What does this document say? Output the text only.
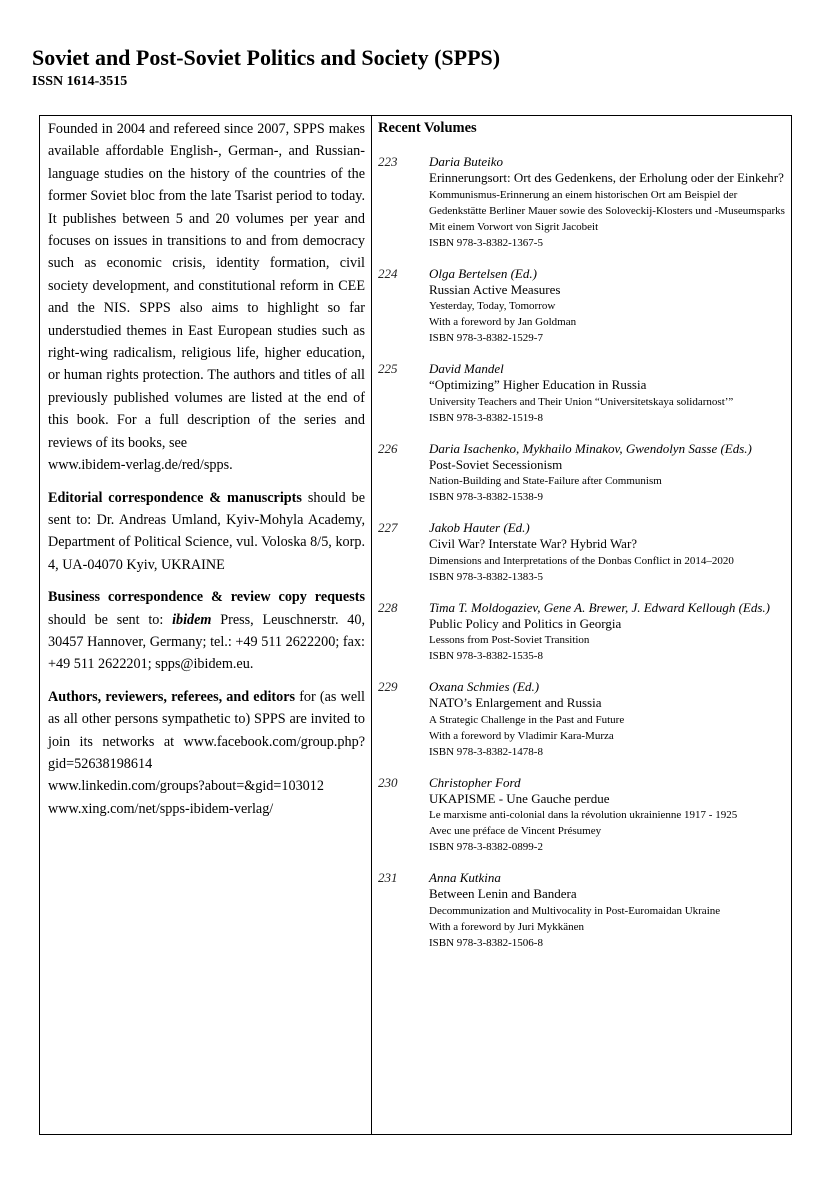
Soviet and Post-Soviet Politics and Society (SPPS)
ISSN 1614-3515

Founded in 2004 and refereed since 2007, SPPS makes available affordable English-, German-, and Russian-language studies on the history of the countries of the former Soviet bloc from the late Tsarist period to today. It publishes between 5 and 20 volumes per year and focuses on issues in transitions to and from democracy such as economic crisis, identity formation, civil society development, and constitutional reform in CEE and the NIS. SPPS also aims to highlight so far understudied themes in East European studies such as right-wing radicalism, religious life, higher education, or human rights protection. The authors and titles of all previously published volumes are listed at the end of this book. For a full description of the series and reviews of its books, see
www.ibidem-verlag.de/red/spps.

Editorial correspondence & manuscripts should be sent to: Dr. Andreas Umland, Kyiv-Mohyla Academy, Department of Political Science, vul. Voloska 8/5, korp. 4, UA-04070 Kyiv, UKRAINE

Business correspondence & review copy requests should be sent to: ibidem Press, Leuschnerstr. 40, 30457 Hannover, Germany; tel.: +49 511 2622200; fax: +49 511 2622201; spps@ibidem.eu.

Authors, reviewers, referees, and editors for (as well as all other persons sympathetic to) SPPS are invited to join its networks at www.facebook.com/group.php?gid=52638198614
www.linkedin.com/groups?about=&gid=103012
www.xing.com/net/spps-ibidem-verlag/

Recent Volumes
223	Daria Buteiko
Erinnerungsort: Ort des Gedenkens, der Erholung oder der Einkehr?
Kommunismus-Erinnerung an einem historischen Ort am Beispiel der Gedenkstätte Berliner Mauer sowie des Soloveckij-Klosters und -Museumsparks
Mit einem Vorwort von Sigrit Jacobeit
ISBN 978-3-8382-1367-5
224	Olga Bertelsen (Ed.)
Russian Active Measures
Yesterday, Today, Tomorrow
With a foreword by Jan Goldman
ISBN 978-3-8382-1529-7
225	David Mandel
“Optimizing” Higher Education in Russia
University Teachers and Their Union “Universitetskaya solidarnost’”
ISBN 978-3-8382-1519-8
226	Daria Isachenko, Mykhailo Minakov, Gwendolyn Sasse (Eds.)
Post-Soviet Secessionism
Nation-Building and State-Failure after Communism
ISBN 978-3-8382-1538-9
227	Jakob Hauter (Ed.)
Civil War? Interstate War? Hybrid War?
Dimensions and Interpretations of the Donbas Conflict in 2014–2020
ISBN 978-3-8382-1383-5
228	Tima T. Moldogaziev, Gene A. Brewer, J. Edward Kellough (Eds.)
Public Policy and Politics in Georgia
Lessons from Post-Soviet Transition
ISBN 978-3-8382-1535-8
229	Oxana Schmies (Ed.)
NATO’s Enlargement and Russia
A Strategic Challenge in the Past and Future
With a foreword by Vladimir Kara-Murza
ISBN 978-3-8382-1478-8
230	Christopher Ford
UKAPISME - Une Gauche perdue
Le marxisme anti-colonial dans la révolution ukrainienne 1917 - 1925
Avec une préface de Vincent Présumey
ISBN 978-3-8382-0899-2
231	Anna Kutkina
Between Lenin and Bandera
Decommunization and Multivocality in Post-Euromaidan Ukraine
With a foreword by Juri Mykkänen
ISBN 978-3-8382-1506-8
